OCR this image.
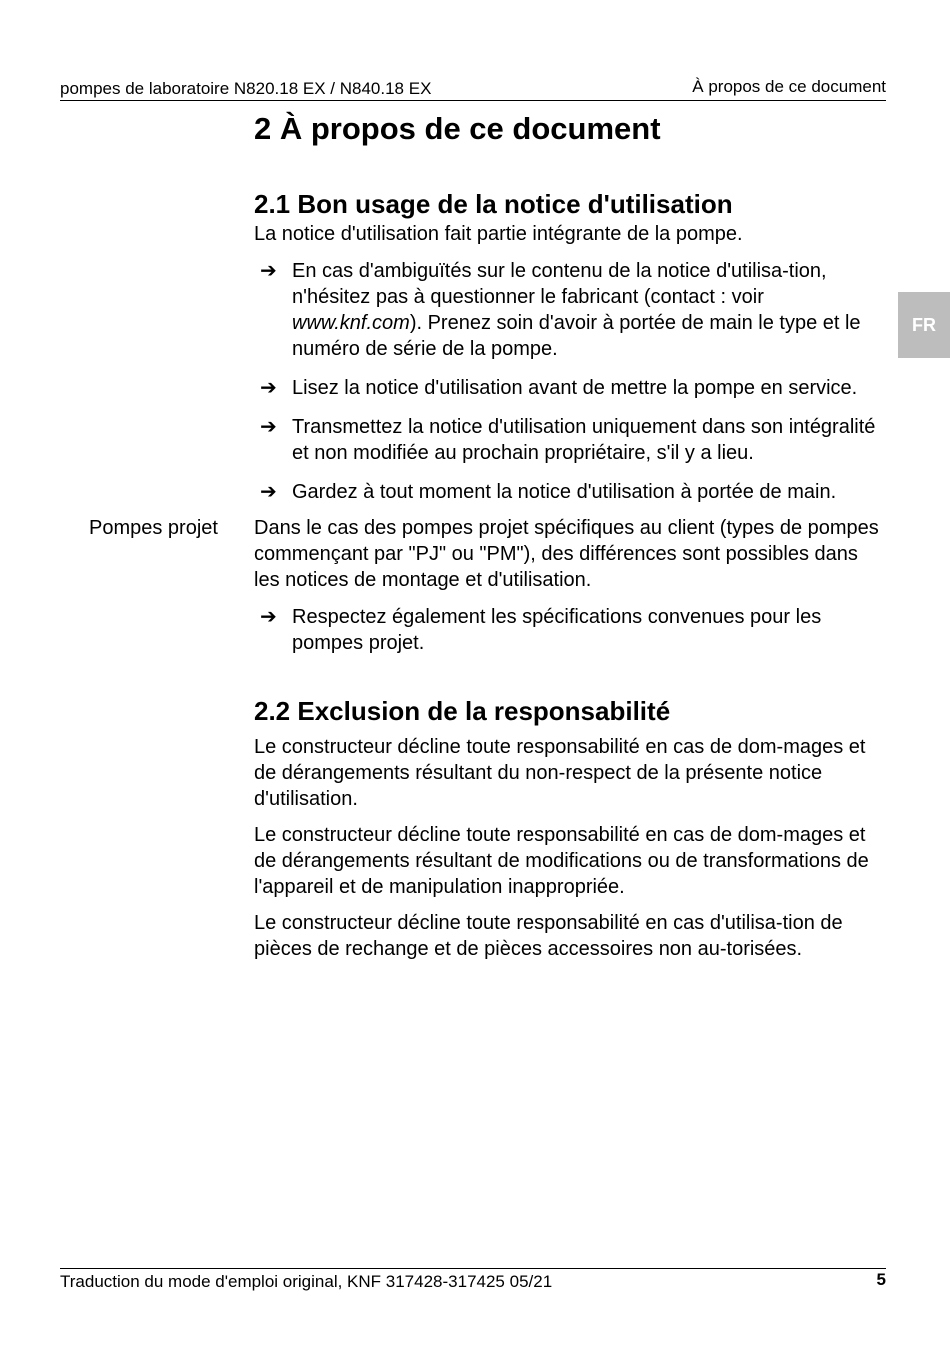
pompes de laboratoire N820.18 EX / N840.18 EX	À propos de ce document
FR
2 À propos de ce document
2.1 Bon usage de la notice d'utilisation

La notice d'utilisation fait partie intégrante de la pompe.

➔ En cas d'ambiguïtés sur le contenu de la notice d'utilisa-tion, n'hésitez pas à questionner le fabricant (contact : voir www.knf.com). Prenez soin d'avoir à portée de main le type et le numéro de série de la pompe.
➔ Lisez la notice d'utilisation avant de mettre la pompe en service.
➔ Transmettez la notice d'utilisation uniquement dans son intégralité et non modifiée au prochain propriétaire, s'il y a lieu.
➔ Gardez à tout moment la notice d'utilisation à portée de main.
Pompes projet Dans le cas des pompes projet spécifiques au client (types de pompes commençant par "PJ" ou "PM"), des différences sont possibles dans les notices de montage et d'utilisation.

➔ Respectez également les spécifications convenues pour les pompes projet.
2.2 Exclusion de la responsabilité

Le constructeur décline toute responsabilité en cas de dom-mages et de dérangements résultant du non-respect de la présente notice d'utilisation.

Le constructeur décline toute responsabilité en cas de dom-mages et de dérangements résultant de modifications ou de transformations de l'appareil et de manipulation inappropriée.

Le constructeur décline toute responsabilité en cas d'utilisa-tion de pièces de rechange et de pièces accessoires non au-torisées.

Traduction du mode d'emploi original, KNF 317428-317425 05/21	5
